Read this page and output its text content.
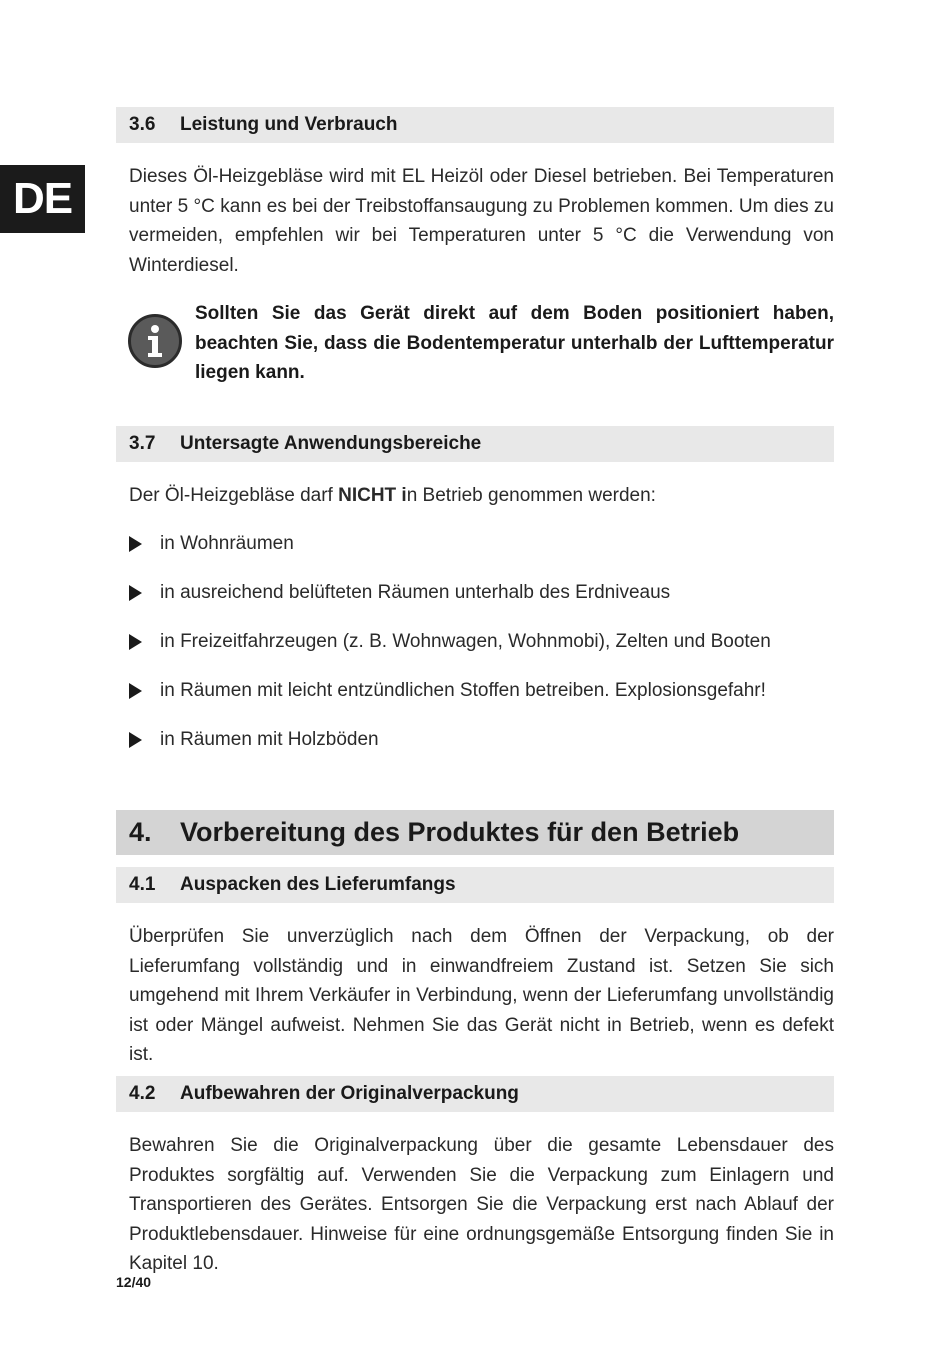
DE
3.6	Leistung und Verbrauch

Dieses Öl-Heizgebläse wird mit EL Heizöl oder Diesel betrieben. Bei Temperaturen unter 5 °C kann es bei der Treibstoffansaugung zu Problemen kommen. Um dies zu vermeiden, empfehlen wir bei Temperaturen unter 5 °C die Verwendung von Winterdiesel.

Sollten Sie das Gerät direkt auf dem Boden positioniert haben, beachten Sie, dass die Bodentemperatur unterhalb der Lufttemperatur liegen kann.

3.7	Untersagte Anwendungsbereiche

Der Öl-Heizgebläse darf NICHT in Betrieb genommen werden:

in Wohnräumen
in ausreichend belüfteten Räumen unterhalb des Erdniveaus
in Freizeitfahrzeugen (z. B. Wohnwagen, Wohnmobi), Zelten und Booten
in Räumen mit leicht entzündlichen Stoffen betreiben. Explosionsgefahr!
in Räumen mit Holzböden
4.	Vorbereitung des Produktes für den Betrieb
4.1	Auspacken des Lieferumfangs

Überprüfen Sie unverzüglich nach dem Öffnen der Verpackung, ob der Lieferumfang vollständig und in einwandfreiem Zustand ist. Setzen Sie sich umgehend mit Ihrem Verkäufer in Verbindung, wenn der Lieferumfang unvollständig ist oder Mängel aufweist. Nehmen Sie das Gerät nicht in Betrieb, wenn es defekt ist.

4.2	Aufbewahren der Originalverpackung

Bewahren Sie die Originalverpackung über die gesamte Lebensdauer des Produktes sorgfältig auf. Verwenden Sie die Verpackung zum Einlagern und Transportieren des Gerätes. Entsorgen Sie die Verpackung erst nach Ablauf der Produktlebensdauer. Hinweise für eine ordnungsgemäße Entsorgung finden Sie in Kapitel 10.

12/40
